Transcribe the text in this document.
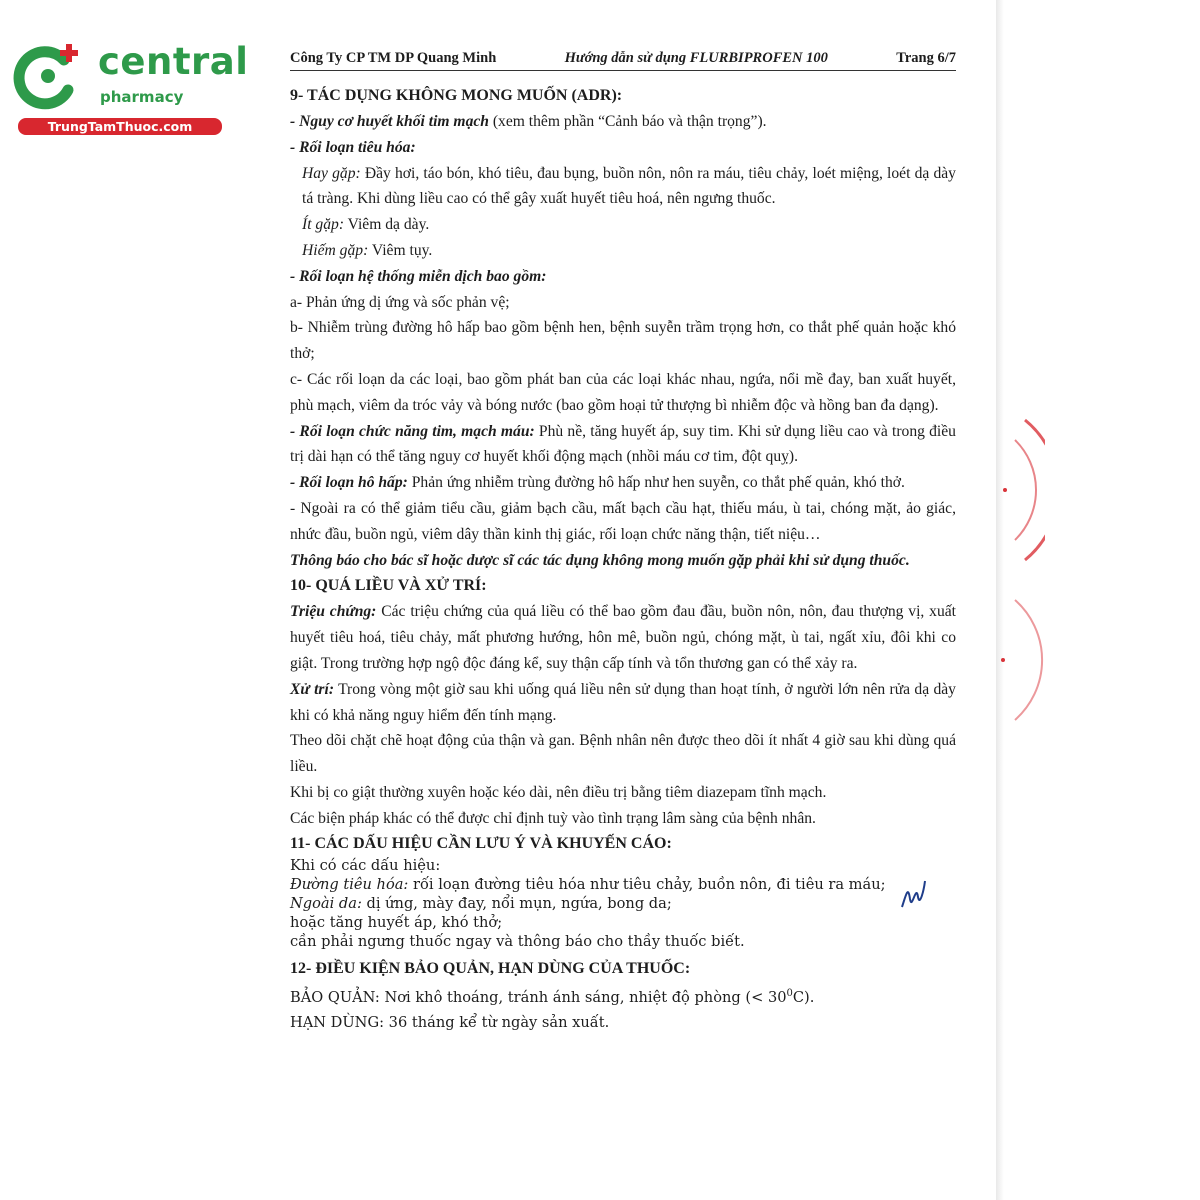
central
pharmacy
TrungTamThuoc.com
Công Ty CP TM DP Quang Minh	Hướng dẫn sử dụng FLURBIPROFEN 100	Trang 6/7
9- TÁC DỤNG KHÔNG MONG MUỐN (ADR):

- Nguy cơ huyết khối tim mạch (xem thêm phần “Cảnh báo và thận trọng”).

- Rối loạn tiêu hóa:

Hay gặp: Đầy hơi, táo bón, khó tiêu, đau bụng, buồn nôn, nôn ra máu, tiêu chảy, loét miệng, loét dạ dày tá tràng. Khi dùng liều cao có thể gây xuất huyết tiêu hoá, nên ngưng thuốc.

Ít gặp: Viêm dạ dày.

Hiếm gặp: Viêm tụy.

- Rối loạn hệ thống miễn dịch bao gồm:

a- Phản ứng dị ứng và sốc phản vệ;

b- Nhiễm trùng đường hô hấp bao gồm bệnh hen, bệnh suyễn trầm trọng hơn, co thắt phế quản hoặc khó thở;

c- Các rối loạn da các loại, bao gồm phát ban của các loại khác nhau, ngứa, nổi mề đay, ban xuất huyết, phù mạch, viêm da tróc vảy và bóng nước (bao gồm hoại tử thượng bì nhiễm độc và hồng ban đa dạng).

- Rối loạn chức năng tim, mạch máu: Phù nề, tăng huyết áp, suy tim. Khi sử dụng liều cao và trong điều trị dài hạn có thể tăng nguy cơ huyết khối động mạch (nhồi máu cơ tim, đột quỵ).

- Rối loạn hô hấp: Phản ứng nhiễm trùng đường hô hấp như hen suyễn, co thắt phế quản, khó thở.

- Ngoài ra có thể giảm tiểu cầu, giảm bạch cầu, mất bạch cầu hạt, thiếu máu, ù tai, chóng mặt, ảo giác, nhức đầu, buồn ngủ, viêm dây thần kinh thị giác, rối loạn chức năng thận, tiết niệu…

Thông báo cho bác sĩ hoặc dược sĩ các tác dụng không mong muốn gặp phải khi sử dụng thuốc.

10- QUÁ LIỀU VÀ XỬ TRÍ:

Triệu chứng: Các triệu chứng của quá liều có thể bao gồm đau đầu, buồn nôn, nôn, đau thượng vị, xuất huyết tiêu hoá, tiêu chảy, mất phương hướng, hôn mê, buồn ngủ, chóng mặt, ù tai, ngất xỉu, đôi khi co giật. Trong trường hợp ngộ độc đáng kể, suy thận cấp tính và tổn thương gan có thể xảy ra.

Xử trí: Trong vòng một giờ sau khi uống quá liều nên sử dụng than hoạt tính, ở người lớn nên rửa dạ dày khi có khả năng nguy hiểm đến tính mạng.

Theo dõi chặt chẽ hoạt động của thận và gan. Bệnh nhân nên được theo dõi ít nhất 4 giờ sau khi dùng quá liều.

Khi bị co giật thường xuyên hoặc kéo dài, nên điều trị bằng tiêm diazepam tĩnh mạch.

Các biện pháp khác có thể được chỉ định tuỳ vào tình trạng lâm sàng của bệnh nhân.

11- CÁC DẤU HIỆU CẦN LƯU Ý VÀ KHUYẾN CÁO:

Khi có các dấu hiệu:

Đường tiêu hóa: rối loạn đường tiêu hóa như tiêu chảy, buồn nôn, đi tiêu ra máu;

Ngoài da: dị ứng, mày đay, nổi mụn, ngứa, bong da;

hoặc tăng huyết áp, khó thở;

cần phải ngưng thuốc ngay và thông báo cho thầy thuốc biết.

12- ĐIỀU KIỆN BẢO QUẢN, HẠN DÙNG CỦA THUỐC:

BẢO QUẢN: Nơi khô thoáng, tránh ánh sáng, nhiệt độ phòng (< $30^0C$).

HẠN DÙNG: 36 tháng kể từ ngày sản xuất.
